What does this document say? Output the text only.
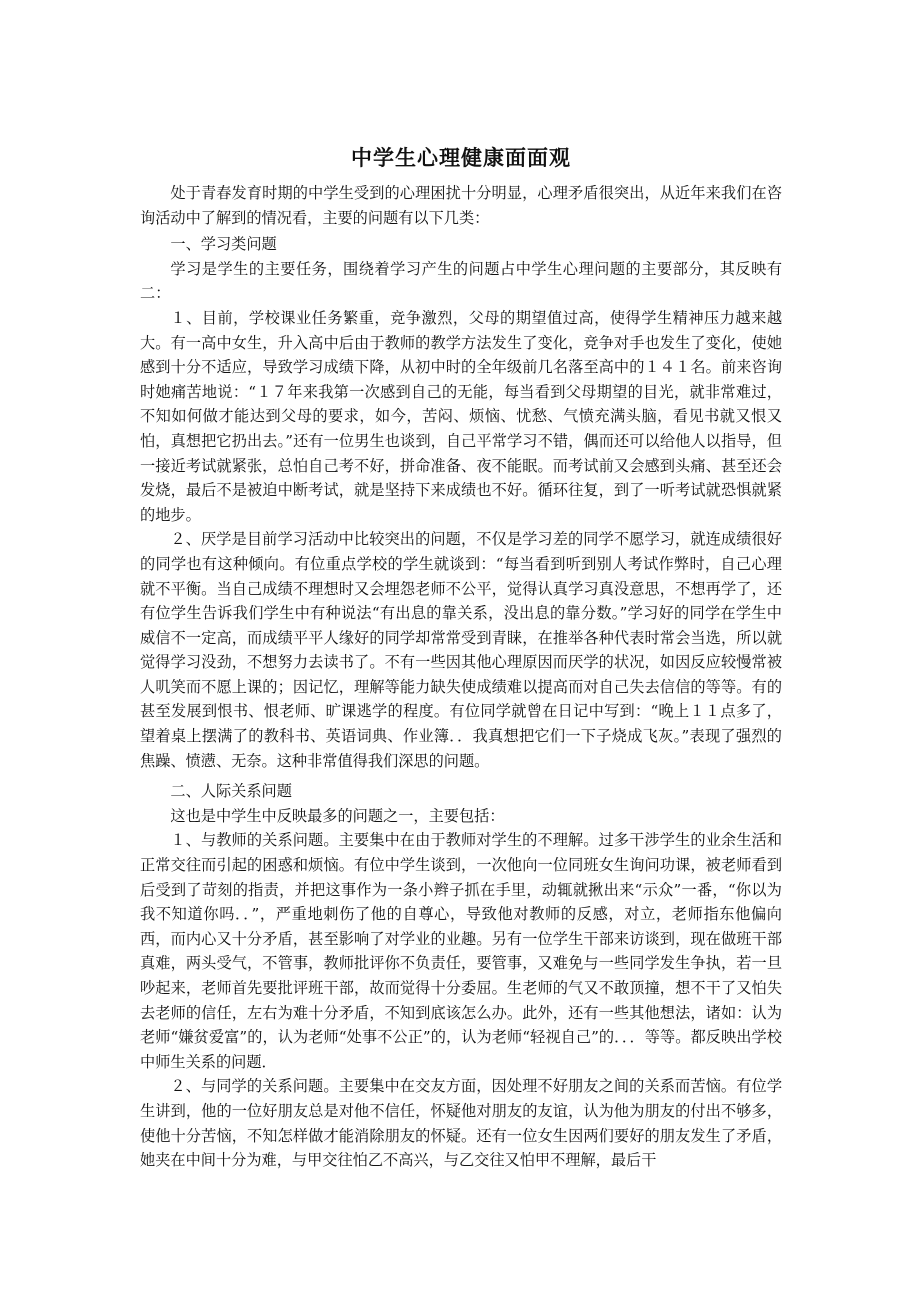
中学生心理健康面面观

处于青春发育时期的中学生受到的心理困扰十分明显，心理矛盾很突出，从近年来我们在咨询活动中了解到的情况看，主要的问题有以下几类：

一、学习类问题

学习是学生的主要任务，围绕着学习产生的问题占中学生心理问题的主要部分，其反映有二：

１、目前，学校课业任务繁重，竞争激烈，父母的期望值过高，使得学生精神压力越来越大。有一高中女生，升入高中后由于教师的教学方法发生了变化，竞争对手也发生了变化，使她感到十分不适应，导致学习成绩下降，从初中时的全年级前几名落至高中的１４１名。前来咨询时她痛苦地说：“１７年来我第一次感到自己的无能，每当看到父母期望的目光，就非常难过，不知如何做才能达到父母的要求，如今，苦闷、烦恼、忧愁、气愤充满头脑，看见书就又恨又怕，真想把它扔出去。”还有一位男生也谈到，自己平常学习不错，偶而还可以给他人以指导，但一接近考试就紧张，总怕自己考不好，拼命准备、夜不能眠。而考试前又会感到头痛、甚至还会发烧，最后不是被迫中断考试，就是坚持下来成绩也不好。循环往复，到了一听考试就恐惧就紧的地步。

２、厌学是目前学习活动中比较突出的问题，不仅是学习差的同学不愿学习，就连成绩很好的同学也有这种倾向。有位重点学校的学生就谈到：“每当看到听到别人考试作弊时，自己心理就不平衡。当自己成绩不理想时又会埋怨老师不公平，觉得认真学习真没意思，不想再学了，还有位学生告诉我们学生中有种说法“有出息的靠关系，没出息的靠分数。”学习好的同学在学生中威信不一定高，而成绩平平人缘好的同学却常常受到青睐，在推举各种代表时常会当选，所以就觉得学习没劲，不想努力去读书了。不有一些因其他心理原因而厌学的状况，如因反应较慢常被人叽笑而不愿上课的；因记忆，理解等能力缺失使成绩难以提高而对自己失去信信的等等。有的甚至发展到恨书、恨老师、旷课逃学的程度。有位同学就曾在日记中写到：“晚上１１点多了，望着桌上摆满了的教科书、英语词典、作业簿．．我真想把它们一下子烧成飞灰。”表现了强烈的焦躁、愤懑、无奈。这种非常值得我们深思的问题。

二、人际关系问题

这也是中学生中反映最多的问题之一，主要包括：

１、与教师的关系问题。主要集中在由于教师对学生的不理解。过多干涉学生的业余生活和正常交往而引起的困惑和烦恼。有位中学生谈到，一次他向一位同班女生询问功课，被老师看到后受到了苛刻的指责，并把这事作为一条小辫子抓在手里，动辄就揪出来“示众”一番，“你以为我不知道你吗．．”，严重地刺伤了他的自尊心，导致他对教师的反感，对立，老师指东他偏向西，而内心又十分矛盾，甚至影响了对学业的业趣。另有一位学生干部来访谈到，现在做班干部真难，两头受气，不管事，教师批评你不负责任，要管事，又难免与一些同学发生争执，若一旦吵起来，老师首先要批评班干部，故而觉得十分委屈。生老师的气又不敢顶撞，想不干了又怕失去老师的信任，左右为难十分矛盾，不知到底该怎么办。此外，还有一些其他想法，诸如：认为老师“嫌贫爱富”的，认为老师“处事不公正”的，认为老师“轻视自己”的．．．等等。都反映出学校中师生关系的问题．

２、与同学的关系问题。主要集中在交友方面，因处理不好朋友之间的关系而苦恼。有位学生讲到，他的一位好朋友总是对他不信任，怀疑他对朋友的友谊，认为他为朋友的付出不够多，使他十分苦恼，不知怎样做才能消除朋友的怀疑。还有一位女生因两们要好的朋友发生了矛盾，她夹在中间十分为难，与甲交往怕乙不高兴，与乙交往又怕甲不理解，最后干
